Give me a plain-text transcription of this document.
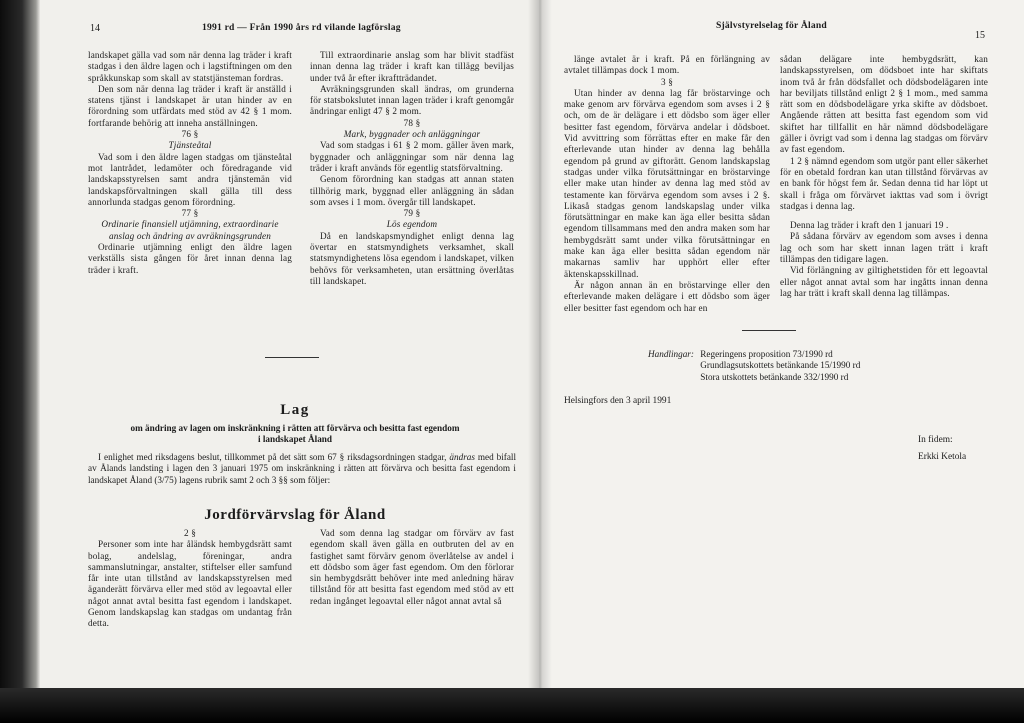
14	1991 rd — Från 1990 års rd vilande lagförslag

landskapet gälla vad som när denna lag träder i kraft stadgas i den äldre lagen och i lagstiftningen om den språkkunskap som skall av statstjänsteman fordras.

Den som när denna lag träder i kraft är anställd i statens tjänst i landskapet är utan hinder av en förordning som utfärdats med stöd av 42 § 1 mom. fortfarande behörig att inneha anställningen.

76 §

Tjänsteåtal

Vad som i den äldre lagen stadgas om tjänsteåtal mot lantrådet, ledamöter och föredragande vid landskapsstyrelsen samt andra tjänstemän vid landskapsförvaltningen skall gälla till dess annorlunda stadgas genom förordning.

77 §

Ordinarie finansiell utjämning, extraordinarie anslag och ändring av avräkningsgrunden

Ordinarie utjämning enligt den äldre lagen verkställs sista gången för året innan denna lag träder i kraft.

Till extraordinarie anslag som har blivit stadfäst innan denna lag träder i kraft kan tillägg beviljas under två år efter ikraftträdandet.

Avräkningsgrunden skall ändras, om grunderna för statsbokslutet innan lagen träder i kraft genomgår ändringar enligt 47 § 2 mom.

78 §

Mark, byggnader och anläggningar

Vad som stadgas i 61 § 2 mom. gäller även mark, byggnader och anläggningar som när denna lag träder i kraft används för egentlig statsförvaltning.

Genom förordning kan stadgas att annan staten tillhörig mark, byggnad eller anläggning än sådan som avses i 1 mom. övergår till landskapet.

79 §

Lös egendom

Då en landskapsmyndighet enligt denna lag övertar en statsmyndighets verksamhet, skall statsmyndighetens lösa egendom i landskapet, vilken behövs för verksamheten, utan ersättning överlåtas till landskapet.

Lag
om ändring av lagen om inskränkning i rätten att förvärva och besitta fast egendom
i landskapet Åland
I enlighet med riksdagens beslut, tillkommet på det sätt som 67 § riksdagsordningen stadgar, ändras med bifall av Ålands landsting i lagen den 3 januari 1975 om inskränkning i rätten att förvärva och besitta fast egendom i landskapet Åland (3/75) lagens rubrik samt 2 och 3 §§ som följer:
Jordförvärvslag för Åland

2 §

Personer som inte har åländsk hembygdsrätt samt bolag, andelslag, föreningar, andra sammanslutningar, anstalter, stiftelser eller samfund får inte utan tillstånd av landskapsstyrelsen med äganderätt förvärva eller med stöd av legoavtal eller något annat avtal besitta fast egendom i landskapet. Genom landskapslag kan stadgas om undantag från detta.

Vad som denna lag stadgar om förvärv av fast egendom skall även gälla en outbruten del av en fastighet samt förvärv genom överlåtelse av andel i ett dödsbo som äger fast egendom. Om den förlorar sin hembygdsrätt behöver inte med anledning härav tillstånd för att besitta fast egendom med stöd av ett redan ingånget legoavtal eller något annat avtal så

Självstyrelselag för Åland
15

länge avtalet är i kraft. På en förlängning av avtalet tillämpas dock 1 mom.

3 §

Utan hinder av denna lag får bröstarvinge och make genom arv förvärva egendom som avses i 2 § och, om de är delägare i ett dödsbo som äger eller besitter fast egendom, förvärva andelar i dödsboet. Vid avvittring som förrättas efter en make får den efterlevande utan hinder av denna lag behålla egendom på grund av giftorätt. Genom landskapslag stadgas under vilka förutsättningar en bröstarvinge eller make utan hinder av denna lag med stöd av testamente kan förvärva egendom som avses i 2 §. Likaså stadgas genom landskapslag under vilka förutsättningar en make kan äga eller besitta sådan egendom tillsammans med den andra maken som har hembygdsrätt samt under vilka förutsättningar en make kan äga eller besitta sådan egendom när makarnas samliv har upphört eller efter äktenskapsskillnad.

Är någon annan än en bröstarvinge eller den efterlevande maken delägare i ett dödsbo som äger eller besitter fast egendom och har en

sådan delägare inte hembygdsrätt, kan landskapsstyrelsen, om dödsboet inte har skiftats inom två år från dödsfallet och dödsbodelägaren inte har beviljats tillstånd enligt 2 § 1 mom., med samma rätt som en dödsbodelägare yrka skifte av dödsboet. Angående rätten att besitta fast egendom som vid skiftet har tillfallit en här nämnd dödsbodelägare gäller i övrigt vad som i denna lag stadgas om förvärv av fast egendom.

1 2 § nämnd egendom som utgör pant eller säkerhet för en obetald fordran kan utan tillstånd förvärvas av en bank för högst fem år. Sedan denna tid har löpt ut skall i fråga om förvärvet iakttas vad som i övrigt stadgas i denna lag.

Denna lag träder i kraft den 1 januari 19 .

På sådana förvärv av egendom som avses i denna lag och som har skett innan lagen trätt i kraft tillämpas den tidigare lagen.

Vid förlängning av giltighetstiden för ett legoavtal eller något annat avtal som har ingåtts innan denna lag har trätt i kraft skall denna lag tillämpas.

Handlingar: Regeringens proposition 73/1990 rd
Grundlagsutskottets betänkande 15/1990 rd
Stora utskottets betänkande 332/1990 rd
Helsingfors den 3 april 1991
In fidem:
Erkki Ketola
